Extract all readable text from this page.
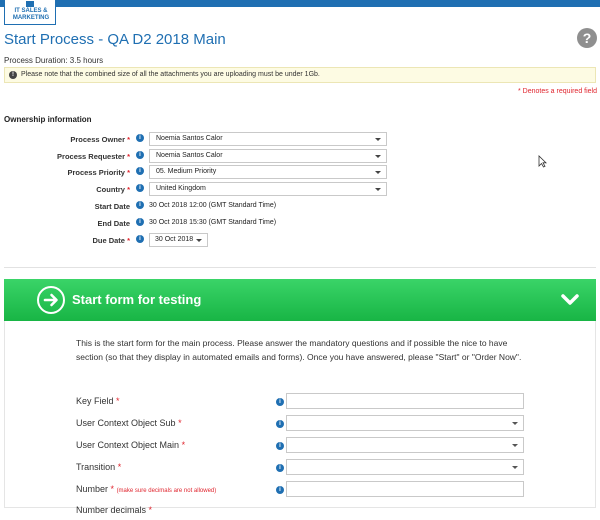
IT SALES &
MARKETING
Start Process - QA D2 2018 Main	?
Process Duration: 3.5 hours
!	Please note that the combined size of all the attachments you are uploading must be under 1Gb.
* Denotes a required field
Ownership information
Process Owner *	i	Noemia Santos Calor
Process Requester *	i	Noemia Santos Calor
Process Priority *	i	05. Medium Priority
Country *	i	United Kingdom
Start Date	i	30 Oct 2018 12:00 (GMT Standard Time)
End Date	i	30 Oct 2018 15:30 (GMT Standard Time)
Due Date *	i	30 Oct 2018
Start form for testing
This is the start form for the main process. Please answer the mandatory questions and if possible the nice to have section (so that they display in automated emails and forms). Once you have answered, please "Start" or "Order Now".
Key Field *	i
User Context Object Sub *	i
User Context Object Main *	i
Transition *	i
Number * (make sure decimals are not allowed)	i
Number decimals *
